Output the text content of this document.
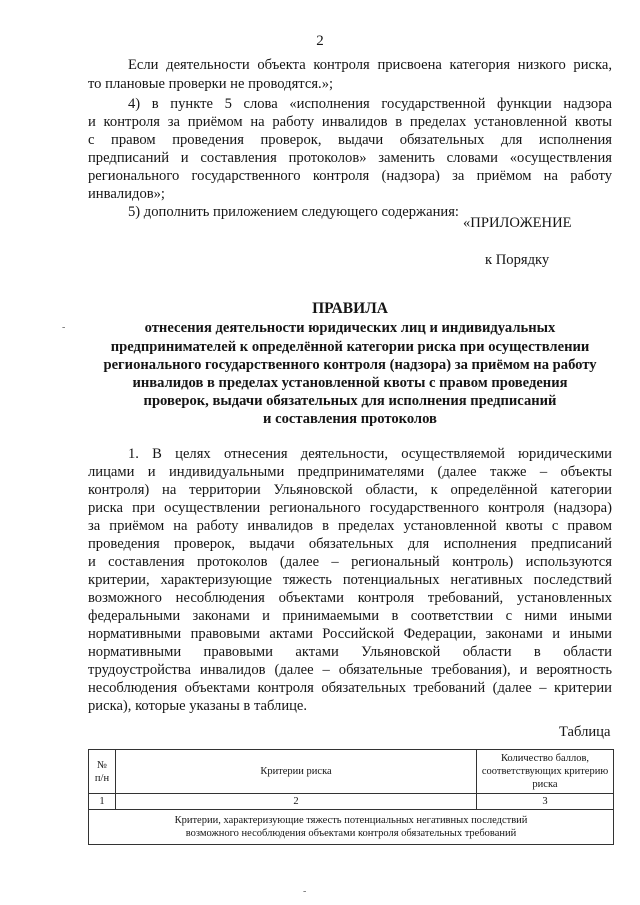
2
Если деятельности объекта контроля присвоена категория низкого риска,
то плановые проверки не проводятся.»;
4) в пункте 5 слова «исполнения государственной функции надзора
и контроля за приёмом на работу инвалидов в пределах установленной квоты
с правом проведения проверок, выдачи обязательных для исполнения
предписаний и составления протоколов» заменить словами «осуществления
регионального государственного контроля (надзора) за приёмом на работу
инвалидов»;
5) дополнить приложением следующего содержания:
«ПРИЛОЖЕНИЕ
к Порядку
ПРАВИЛА
отнесения деятельности юридических лиц и индивидуальных
предпринимателей к определённой категории риска при осуществлении
регионального государственного контроля (надзора) за приёмом на работу
инвалидов в пределах установленной квоты с правом проведения
проверок, выдачи обязательных для исполнения предписаний
и составления протоколов
1. В целях отнесения деятельности, осуществляемой юридическими
лицами и индивидуальными предпринимателями (далее также – объекты
контроля) на территории Ульяновской области, к определённой категории
риска при осуществлении регионального государственного контроля (надзора)
за приёмом на работу инвалидов в пределах установленной квоты с правом
проведения проверок, выдачи обязательных для исполнения предписаний
и составления протоколов (далее – региональный контроль) используются
критерии, характеризующие тяжесть потенциальных негативных последствий
возможного несоблюдения объектами контроля требований, установленных
федеральными законами и принимаемыми в соответствии с ними иными
нормативными правовыми актами Российской Федерации, законами и иными
нормативными правовыми актами Ульяновской области в области
трудоустройства инвалидов (далее – обязательные требования), и вероятность
несоблюдения объектами контроля обязательных требований (далее – критерии
риска), которые указаны в таблице.
Таблица
№ п/н	Критерии риска	Количество баллов, соответствующих критерию риска
1	2	3

Критерии, характеризующие тяжесть потенциальных негативных последствий
возможного несоблюдения объектами контроля обязательных требований		
-
-
